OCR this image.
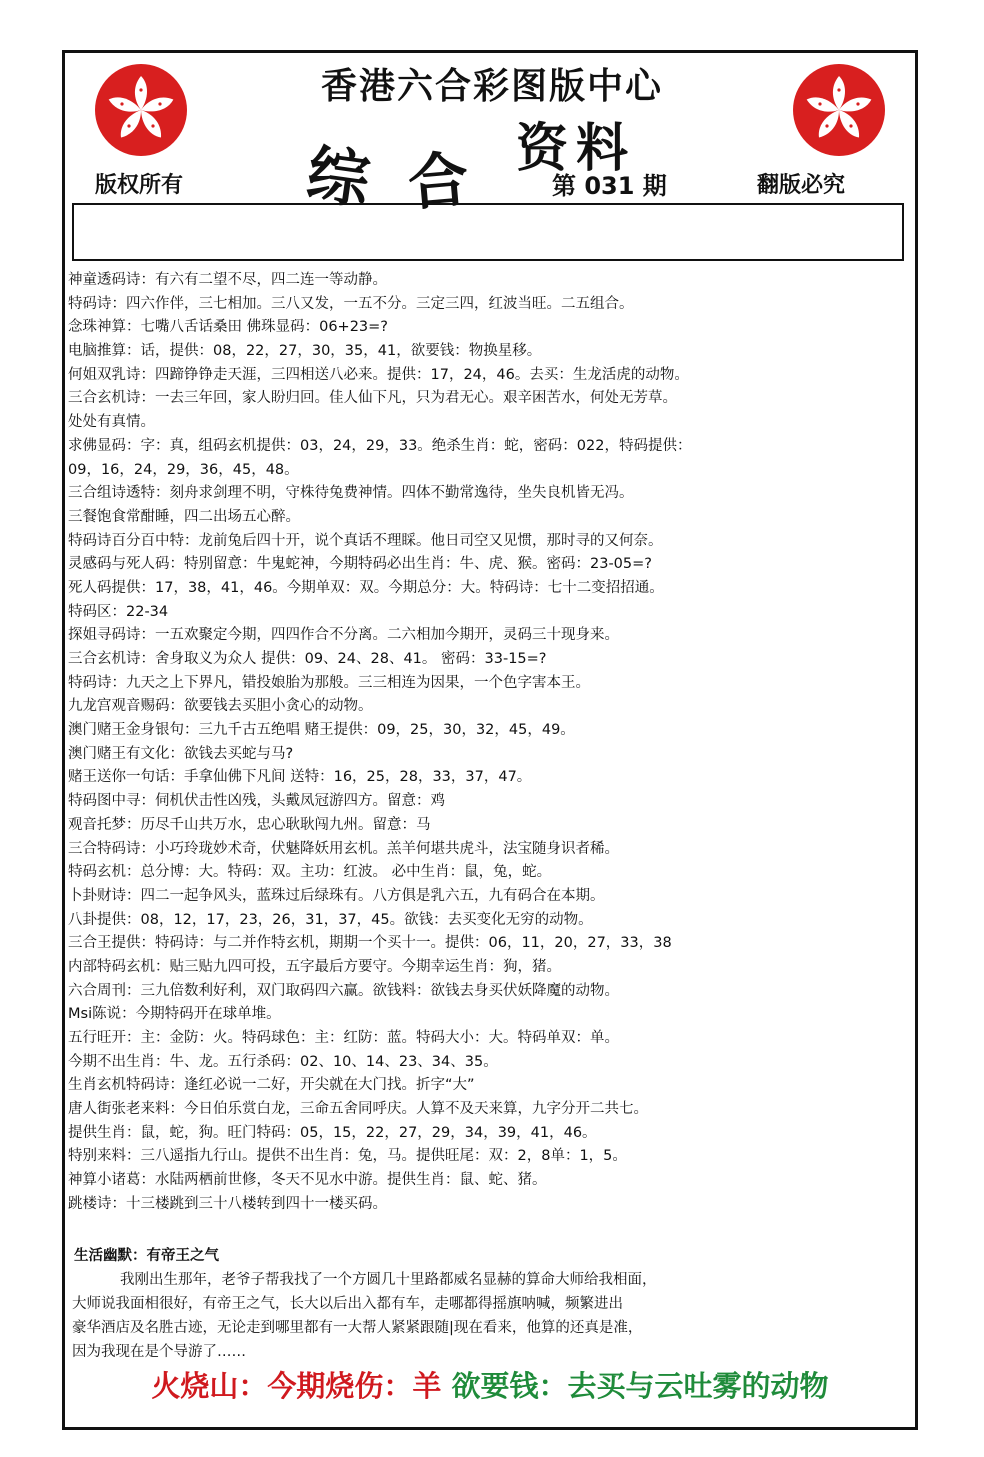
香港六合彩图版中心
综 合 资料
版权所有	第 031 期	翻版必究
神童透码诗：有六有二望不尽，四二连一等动静。
特码诗：四六作伴，三七相加。三八又发，一五不分。三定三四，红波当旺。二五组合。
念珠神算：七嘴八舌话桑田 佛珠显码：06+23=?
电脑推算：话，提供：08，22，27，30，35，41，欲要钱：物换星移。
何姐双乳诗：四蹄铮铮走天涯，三四相送八必来。提供：17，24，46。去买：生龙活虎的动物。
三合玄机诗：一去三年回，家人盼归回。佳人仙下凡，只为君无心。艰辛困苦水，何处无芳草。
处处有真情。
求佛显码：字：真，组码玄机提供：03，24，29，33。绝杀生肖：蛇，密码：022，特码提供：
09，16，24，29，36，45，48。
三合组诗透特：刻舟求剑理不明，守株待兔费神情。四体不勤常逸待，坐失良机皆无冯。
三餐饱食常酣睡，四二出场五心醉。
特码诗百分百中特：龙前兔后四十开，说个真话不理睬。他日司空又见惯，那时寻的又何奈。
灵感码与死人码：特别留意：牛鬼蛇神，今期特码必出生肖：牛、虎、猴。密码：23-05=?
死人码提供：17，38，41，46。今期单双：双。今期总分：大。特码诗：七十二变招招通。
特码区：22-34
探姐寻码诗：一五欢聚定今期，四四作合不分离。二六相加今期开，灵码三十现身来。
三合玄机诗：舍身取义为众人 提供：09、24、28、41。 密码：33-15=?
特码诗：九天之上下界凡，错投娘胎为那般。三三相连为因果，一个色字害本王。
九龙宫观音赐码：欲要钱去买胆小贪心的动物。
澳门赌王金身银句：三九千古五绝唱 赌王提供：09，25，30，32，45，49。
澳门赌王有文化：欲钱去买蛇与马?
赌王送你一句话：手拿仙佛下凡间 送特：16，25，28，33，37，47。
特码图中寻：伺机伏击性凶残，头戴凤冠游四方。留意：鸡
观音托梦：历尽千山共万水，忠心耿耿闯九州。留意：马
三合特码诗：小巧玲珑妙术奇，伏魅降妖用玄机。羔羊何堪共虎斗，法宝随身识者稀。
特码玄机：总分博：大。特码：双。主功：红波。 必中生肖：鼠，兔，蛇。
卜卦财诗：四二一起争风头，蓝珠过后绿珠有。八方俱是乳六五，九有码合在本期。
八卦提供：08，12，17，23，26，31，37，45。欲钱：去买变化无穷的动物。
三合王提供：特码诗：与二并作特玄机，期期一个买十一。提供：06，11，20，27，33，38
内部特码玄机：贴三贴九四可投，五字最后方要守。今期幸运生肖：狗，猪。
六合周刊：三九倍数利好利，双门取码四六赢。欲钱料：欲钱去身买伏妖降魔的动物。
Msi陈说：今期特码开在球单堆。
五行旺开：主：金防：火。特码球色：主：红防：蓝。特码大小：大。特码单双：单。
今期不出生肖：牛、龙。五行杀码：02、10、14、23、34、35。
生肖玄机特码诗：逢红必说一二好，开尖就在大门找。折字“大”
唐人街张老来料：今日伯乐赏白龙，三命五舍同呼庆。人算不及天来算，九字分开二共七。
提供生肖：鼠，蛇，狗。旺门特码：05，15，22，27，29，34，39，41，46。
特别来料：三八遥指九行山。提供不出生肖：兔，马。提供旺尾：双：2，8单：1，5。
神算小诸葛：水陆两栖前世修，冬天不见水中游。提供生肖：鼠、蛇、猪。
跳楼诗：十三楼跳到三十八楼转到四十一楼买码。
生活幽默：有帝王之气
我刚出生那年，老爷子帮我找了一个方圆几十里路都威名显赫的算命大师给我相面，
大师说我面相很好，有帝王之气，长大以后出入都有车，走哪都得摇旗呐喊，频繁进出
豪华酒店及名胜古迹，无论走到哪里都有一大帮人紧紧跟随|现在看来，他算的还真是准，
因为我现在是个导游了……
火烧山：今期烧伤：羊 欲要钱：去买与云吐雾的动物
